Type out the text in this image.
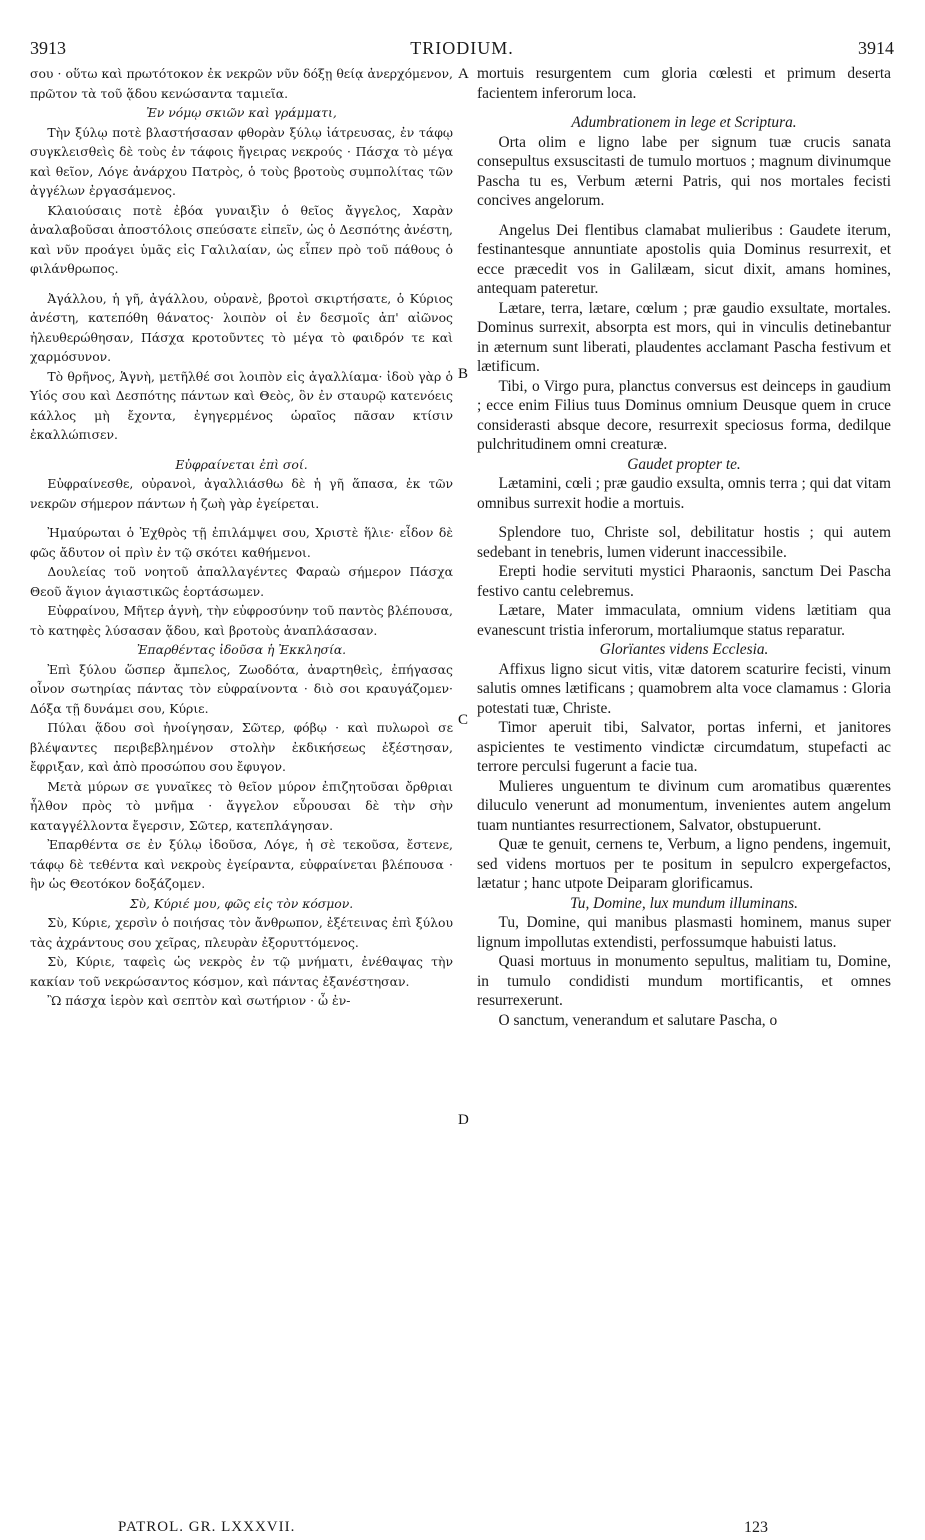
3913	TRIODIUM.	3914

σου · οὕτω καὶ πρωτότοκον ἐκ νεκρῶν νῦν δόξῃ θείᾳ ἀνερχόμενον, πρῶτον τὰ τοῦ ᾅδου κενώσαντα ταμιεῖα.

Ἐν νόμῳ σκιῶν καὶ γράμματι,

Τὴν ξύλῳ ποτὲ βλαστήσασαν φθορὰν ξύλῳ ἰάτρευσας, ἐν τάφῳ συγκλεισθεὶς δὲ τοὺς ἐν τάφοις ἤγειρας νεκρούς · Πάσχα τὸ μέγα καὶ θεῖον, Λόγε ἀνάρχου Πατρὸς, ὁ τοὺς βροτοὺς συμπολίτας τῶν ἀγγέλων ἐργασάμενος.

Κλαιούσαις ποτὲ ἐβόα γυναιξὶν ὁ θεῖος ἄγγελος, Χαρὰν ἀναλαβοῦσαι ἀποστόλοις σπεύσατε εἰπεῖν, ὡς ὁ Δεσπότης ἀνέστη, καὶ νῦν προάγει ὑμᾶς εἰς Γαλιλαίαν, ὡς εἶπεν πρὸ τοῦ πάθους ὁ φιλάνθρωπος.

Ἀγάλλου, ἡ γῆ, ἀγάλλου, οὐρανὲ, βροτοὶ σκιρτήσατε, ὁ Κύριος ἀνέστη, κατεπόθη θάνατος· λοιπὸν οἱ ἐν δεσμοῖς ἀπ' αἰῶνος ἠλευθερώθησαν, Πάσχα κροτοῦντες τὸ μέγα τὸ φαιδρόν τε καὶ χαρμόσυνον.

Τὸ θρῆνος, Ἁγνὴ, μετῆλθέ σοι λοιπὸν εἰς ἀγαλλίαμα· ἰδοὺ γὰρ ὁ Υἱός σου καὶ Δεσπότης πάντων καὶ Θεὸς, ὃν ἐν σταυρῷ κατενόεις κάλλος μὴ ἔχοντα, ἐγηγερμένος ὡραῖος πᾶσαν κτίσιν ἐκαλλώπισεν.

Εὐφραίνεται ἐπὶ σοί.

Εὐφραίνεσθε, οὐρανοὶ, ἀγαλλιάσθω δὲ ἡ γῆ ἅπασα, ἐκ τῶν νεκρῶν σήμερον πάντων ἡ ζωὴ γὰρ ἐγείρεται.

Ἠμαύρωται ὁ Ἐχθρὸς τῇ ἐπιλάμψει σου, Χριστὲ ἥλιε· εἶδον δὲ φῶς ἄδυτον οἱ πρὶν ἐν τῷ σκότει καθήμενοι.

Δουλείας τοῦ νοητοῦ ἀπαλλαγέντες Φαραὼ σήμερον Πάσχα Θεοῦ ἅγιον ἁγιαστικῶς ἑορτάσωμεν.

Εὐφραίνου, Μῆτερ ἁγνὴ, τὴν εὐφροσύνην τοῦ παντὸς βλέπουσα, τὸ κατηφὲς λύσασαν ᾅδου, καὶ βροτοὺς ἀναπλάσασαν.

Ἐπαρθέντας ἰδοῦσα ἡ Ἐκκλησία.

Ἐπὶ ξύλου ὥσπερ ἄμπελος, Ζωοδότα, ἀναρτηθεὶς, ἐπήγασας οἶνον σωτηρίας πάντας τὸν εὐφραίνοντα · διὸ σοι κραυγάζομεν· Δόξα τῇ δυνάμει σου, Κύριε.

Πύλαι ᾅδου σοὶ ἠνοίγησαν, Σῶτερ, φόβῳ · καὶ πυλωροὶ σε βλέψαντες περιβεβλημένον στολὴν ἐκδικήσεως ἐξέστησαν, ἔφριξαν, καὶ ἀπὸ προσώπου σου ἔφυγον.

Μετὰ μύρων σε γυναῖκες τὸ θεῖον μύρον ἐπιζητοῦσαι ὄρθριαι ἦλθον πρὸς τὸ μνῆμα · ἄγγελον εὗρουσαι δὲ τὴν σὴν καταγγέλλοντα ἔγερσιν, Σῶτερ, κατεπλάγησαν.

Ἐπαρθέντα σε ἐν ξύλῳ ἰδοῦσα, Λόγε, ἡ σὲ τεκοῦσα, ἔστενε, τάφῳ δὲ τεθέντα καὶ νεκροὺς ἐγείραντα, εὐφραίνεται βλέπουσα · ἣν ὡς Θεοτόκον δοξάζομεν.

Σὺ, Κύριέ μου, φῶς εἰς τὸν κόσμον.

Σὺ, Κύριε, χερσὶν ὁ ποιήσας τὸν ἄνθρωπον, ἐξέτεινας ἐπὶ ξύλου τὰς ἀχράντους σου χεῖρας, πλευρὰν ἐξορυττόμενος.

Σὺ, Κύριε, ταφεὶς ὡς νεκρὸς ἐν τῷ μνήματι, ἐνέθαψας τὴν κακίαν τοῦ νεκρώσαντος κόσμον, καὶ πάντας ἐξανέστησαν.

Ὢ πάσχα ἱερὸν καὶ σεπτὸν καὶ σωτήριον · ὦ ἐν-

mortuis resurgentem cum gloria cœlesti et primum deserta facientem inferorum loca.

Adumbrationem in lege et Scriptura.

Orta olim e ligno labe per signum tuæ crucis sanata consepultus exsuscitasti de tumulo mortuos ; magnum divinumque Pascha tu es, Verbum æterni Patris, qui nos mortales fecisti concives angelorum.

Angelus Dei flentibus clamabat mulieribus : Gaudete iterum, festinantesque annuntiate apostolis quia Dominus resurrexit, et ecce præcedit vos in Galilæam, sicut dixit, amans homines, antequam pateretur.

Lætare, terra, lætare, cœlum ; præ gaudio exsultate, mortales. Dominus surrexit, absorpta est mors, qui in vinculis detinebantur in æternum sunt liberati, plaudentes acclamant Pascha festivum et lætificum.

Tibi, o Virgo pura, planctus conversus est deinceps in gaudium ; ecce enim Filius tuus Dominus omnium Deusque quem in cruce considerasti absque decore, resurrexit speciosus forma, dedilque pulchritudinem omni creaturæ.

Gaudet propter te.

Lætamini, cœli ; præ gaudio exsulta, omnis terra ; qui dat vitam omnibus surrexit hodie a mortuis.

Splendore tuo, Christe sol, debilitatur hostis ; qui autem sedebant in tenebris, lumen viderunt inaccessibile.

Erepti hodie servituti mystici Pharaonis, sanctum Dei Pascha festivo cantu celebremus.

Lætare, Mater immaculata, omnium videns lætitiam qua evanescunt tristia inferorum, mortaliumque status reparatur.

Glorïantes videns Ecclesia.

Affixus ligno sicut vitis, vitæ datorem scaturire fecisti, vinum salutis omnes lætificans ; quamobrem alta voce clamamus : Gloria potestati tuæ, Christe.

Timor aperuit tibi, Salvator, portas inferni, et janitores aspicientes te vestimento vindictæ circumdatum, stupefacti ac terrore perculsi fugerunt a facie tua.

Mulieres unguentum te divinum cum aromatibus quærentes diluculo venerunt ad monumentum, invenientes autem angelum tuam nuntiantes resurrectionem, Salvator, obstupuerunt.

Quæ te genuit, cernens te, Verbum, a ligno pendens, ingemuit, sed videns mortuos per te positum in sepulcro expergefactos, lætatur ; hanc utpote Deiparam glorificamus.

Tu, Domine, lux mundum illuminans.

Tu, Domine, qui manibus plasmasti hominem, manus super lignum impollutas extendisti, perfossumque habuisti latus.

Quasi mortuus in monumento sepultus, malitiam tu, Domine, in tumulo condidisti mundum mortificantis, et omnes resurrexerunt.

O sanctum, venerandum et salutare Pascha, o

A
B
C
D
PATROL. GR. LXXXVII.	123
